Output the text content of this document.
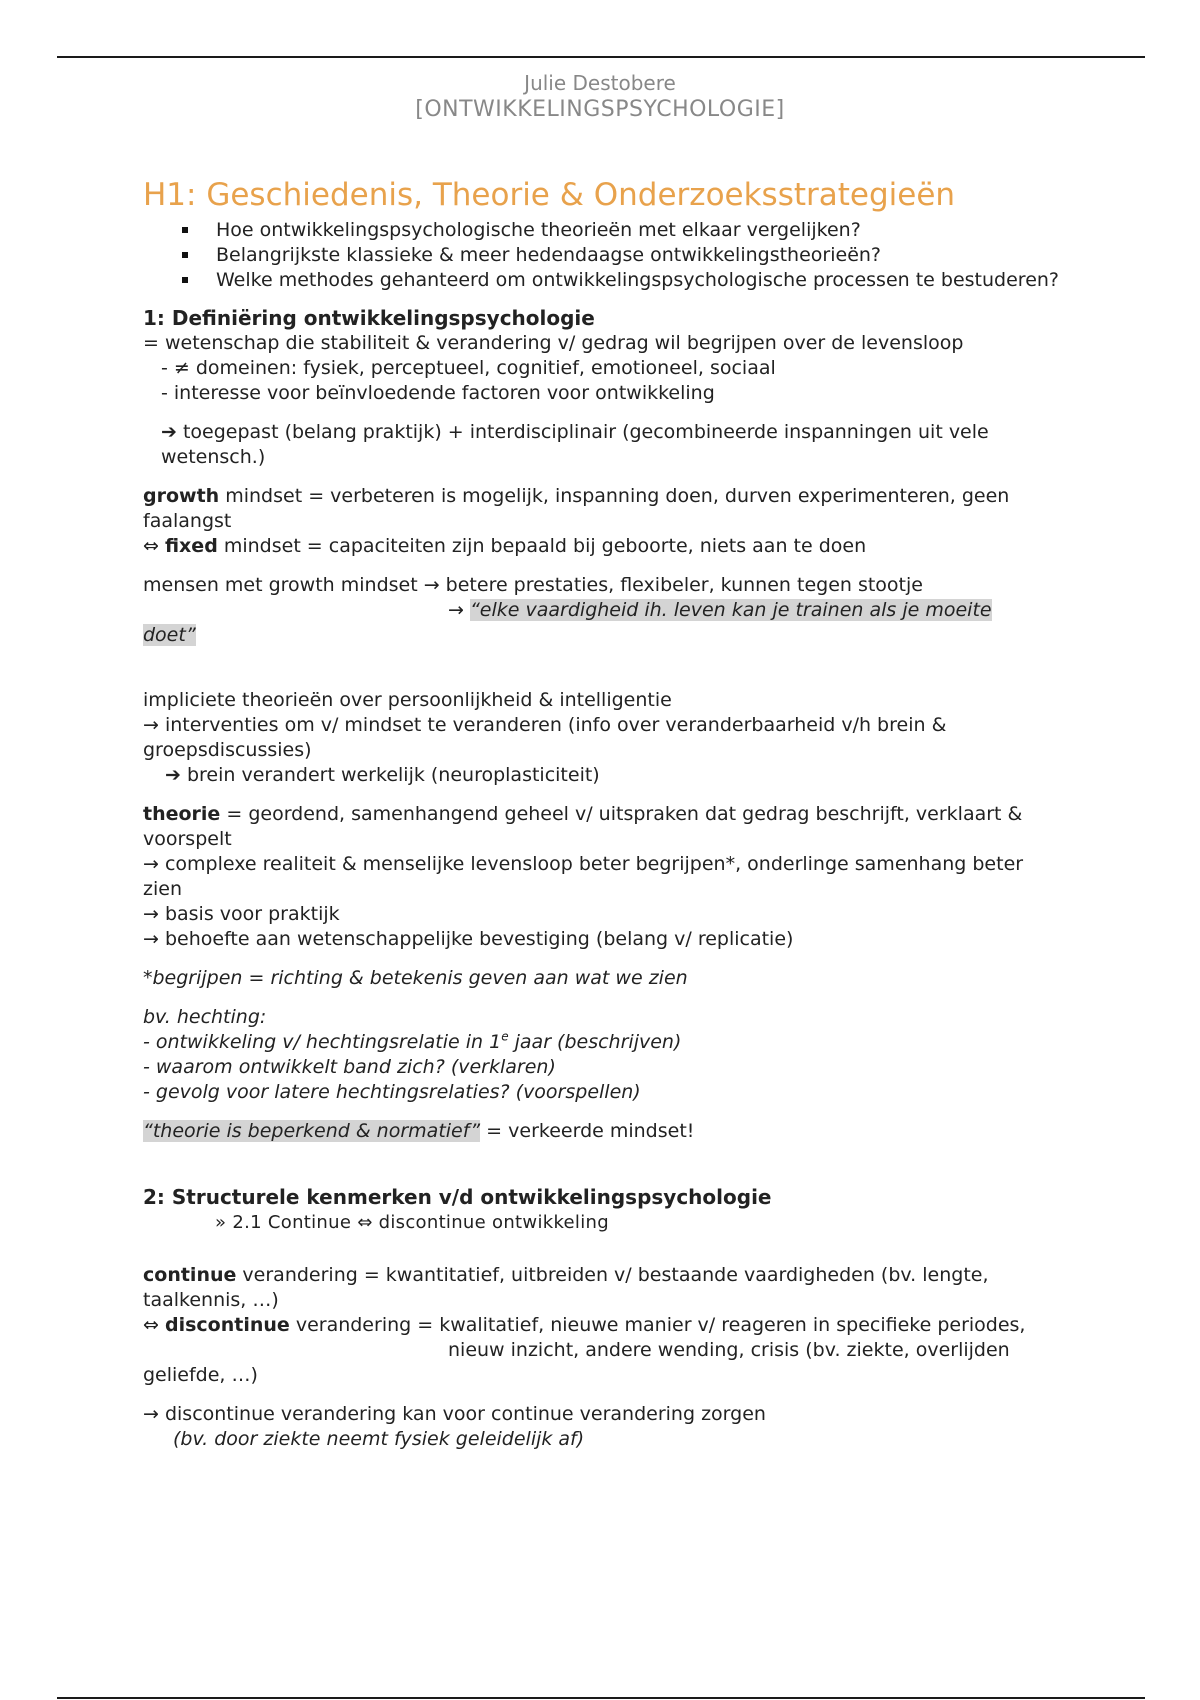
Julie Destobere
[ONTWIKKELINGSPSYCHOLOGIE]
H1: Geschiedenis, Theorie & Onderzoeksstrategieën
Hoe ontwikkelingspsychologische theorieën met elkaar vergelijken?
Belangrijkste klassieke & meer hedendaagse ontwikkelingstheorieën?
Welke methodes gehanteerd om ontwikkelingspsychologische processen te bestuderen?
1: Definiëring ontwikkelingspsychologie

= wetenschap die stabiliteit & verandering v/ gedrag wil begrijpen over de levensloop

- ≠ domeinen: fysiek, perceptueel, cognitief, emotioneel, sociaal

- interesse voor beïnvloedende factoren voor ontwikkeling

➔ toegepast (belang praktijk) + interdisciplinair (gecombineerde inspanningen uit vele wetensch.)

growth mindset = verbeteren is mogelijk, inspanning doen, durven experimenteren, geen faalangst

⇔ fixed mindset = capaciteiten zijn bepaald bij geboorte, niets aan te doen

mensen met growth mindset → betere prestaties, flexibeler, kunnen tegen stootje

→ “elke vaardigheid ih. leven kan je trainen als je moeite

doet”

impliciete theorieën over persoonlijkheid & intelligentie

→ interventies om v/ mindset te veranderen (info over veranderbaarheid v/h brein & groepsdiscussies)

➔ brein verandert werkelijk (neuroplasticiteit)

theorie = geordend, samenhangend geheel v/ uitspraken dat gedrag beschrijft, verklaart & voorspelt

→ complexe realiteit & menselijke levensloop beter begrijpen*, onderlinge samenhang beter zien

→ basis voor praktijk

→ behoefte aan wetenschappelijke bevestiging (belang v/ replicatie)

*begrijpen = richting & betekenis geven aan wat we zien

bv. hechting:

- ontwikkeling v/ hechtingsrelatie in 1e jaar (beschrijven)

- waarom ontwikkelt band zich? (verklaren)

- gevolg voor latere hechtingsrelaties? (voorspellen)

“theorie is beperkend & normatief” = verkeerde mindset!

2: Structurele kenmerken v/d ontwikkelingspsychologie

» 2.1 Continue ⇔ discontinue ontwikkeling

continue verandering = kwantitatief, uitbreiden v/ bestaande vaardigheden (bv. lengte, taalkennis, …)

⇔ discontinue verandering = kwalitatief, nieuwe manier v/ reageren in specifieke periodes,

nieuw inzicht, andere wending, crisis (bv. ziekte, overlijden

geliefde, …)

→ discontinue verandering kan voor continue verandering zorgen

(bv. door ziekte neemt fysiek geleidelijk af)
